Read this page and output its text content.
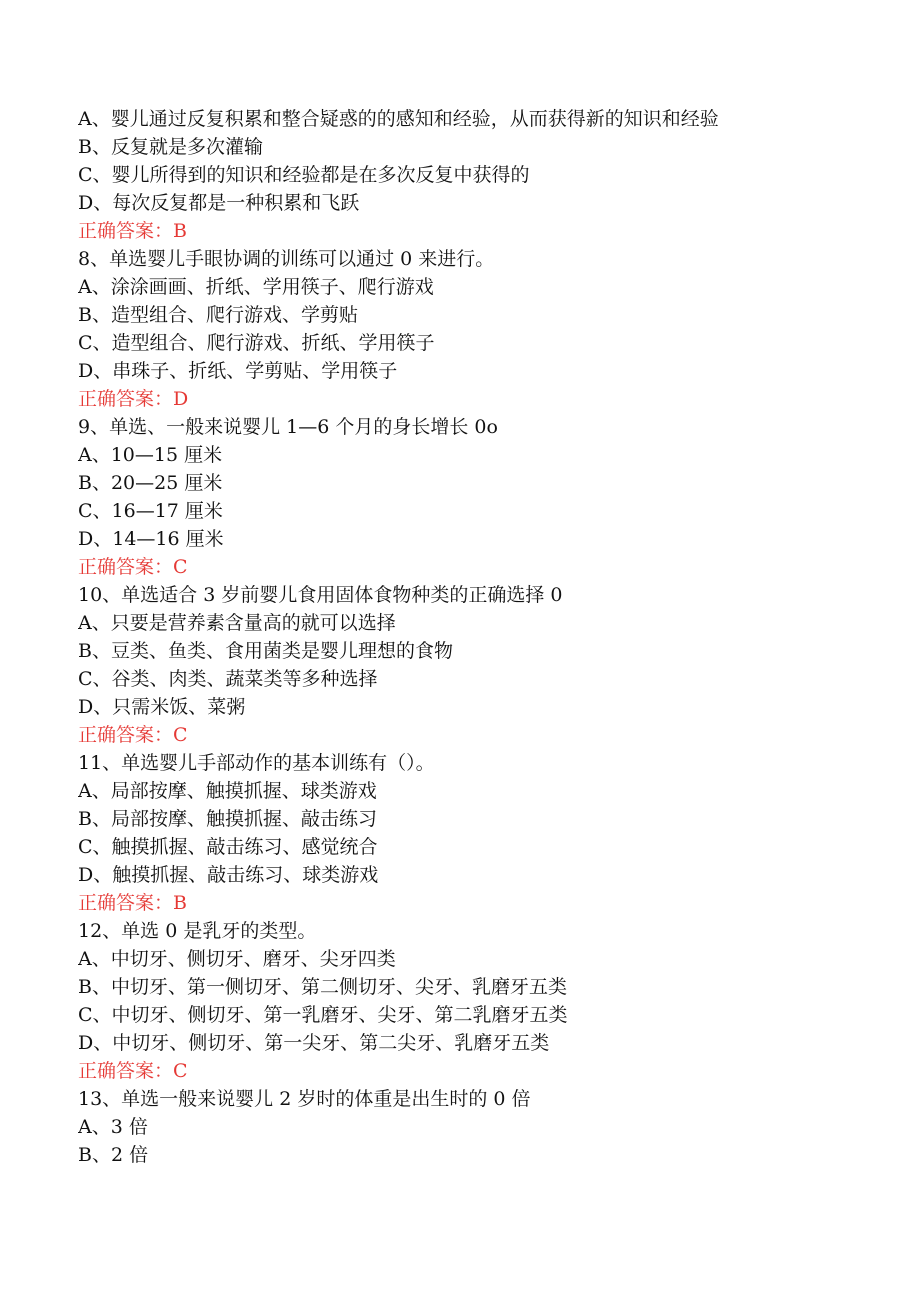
A、婴儿通过反复积累和整合疑惑的的感知和经验，从而获得新的知识和经验
B、反复就是多次灌输
C、婴儿所得到的知识和经验都是在多次反复中获得的
D、每次反复都是一种积累和飞跃
正确答案：B
8、单选婴儿手眼协调的训练可以通过 0 来进行。
A、涂涂画画、折纸、学用筷子、爬行游戏
B、造型组合、爬行游戏、学剪贴
C、造型组合、爬行游戏、折纸、学用筷子
D、串珠子、折纸、学剪贴、学用筷子
正确答案：D
9、单选、一般来说婴儿 1—6 个月的身长增长 0o
A、10—15 厘米
B、20—25 厘米
C、16—17 厘米
D、14—16 厘米
正确答案：C
10、单选适合 3 岁前婴儿食用固体食物种类的正确选择 0
A、只要是营养素含量高的就可以选择
B、豆类、鱼类、食用菌类是婴儿理想的食物
C、谷类、肉类、蔬菜类等多种选择
D、只需米饭、菜粥
正确答案：C
11、单选婴儿手部动作的基本训练有（）。
A、局部按摩、触摸抓握、球类游戏
B、局部按摩、触摸抓握、敲击练习
C、触摸抓握、敲击练习、感觉统合
D、触摸抓握、敲击练习、球类游戏
正确答案：B
12、单选 0 是乳牙的类型。
A、中切牙、侧切牙、磨牙、尖牙四类
B、中切牙、第一侧切牙、第二侧切牙、尖牙、乳磨牙五类
C、中切牙、侧切牙、第一乳磨牙、尖牙、第二乳磨牙五类
D、中切牙、侧切牙、第一尖牙、第二尖牙、乳磨牙五类
正确答案：C
13、单选一般来说婴儿 2 岁时的体重是出生时的 0 倍
A、3 倍
B、2 倍
